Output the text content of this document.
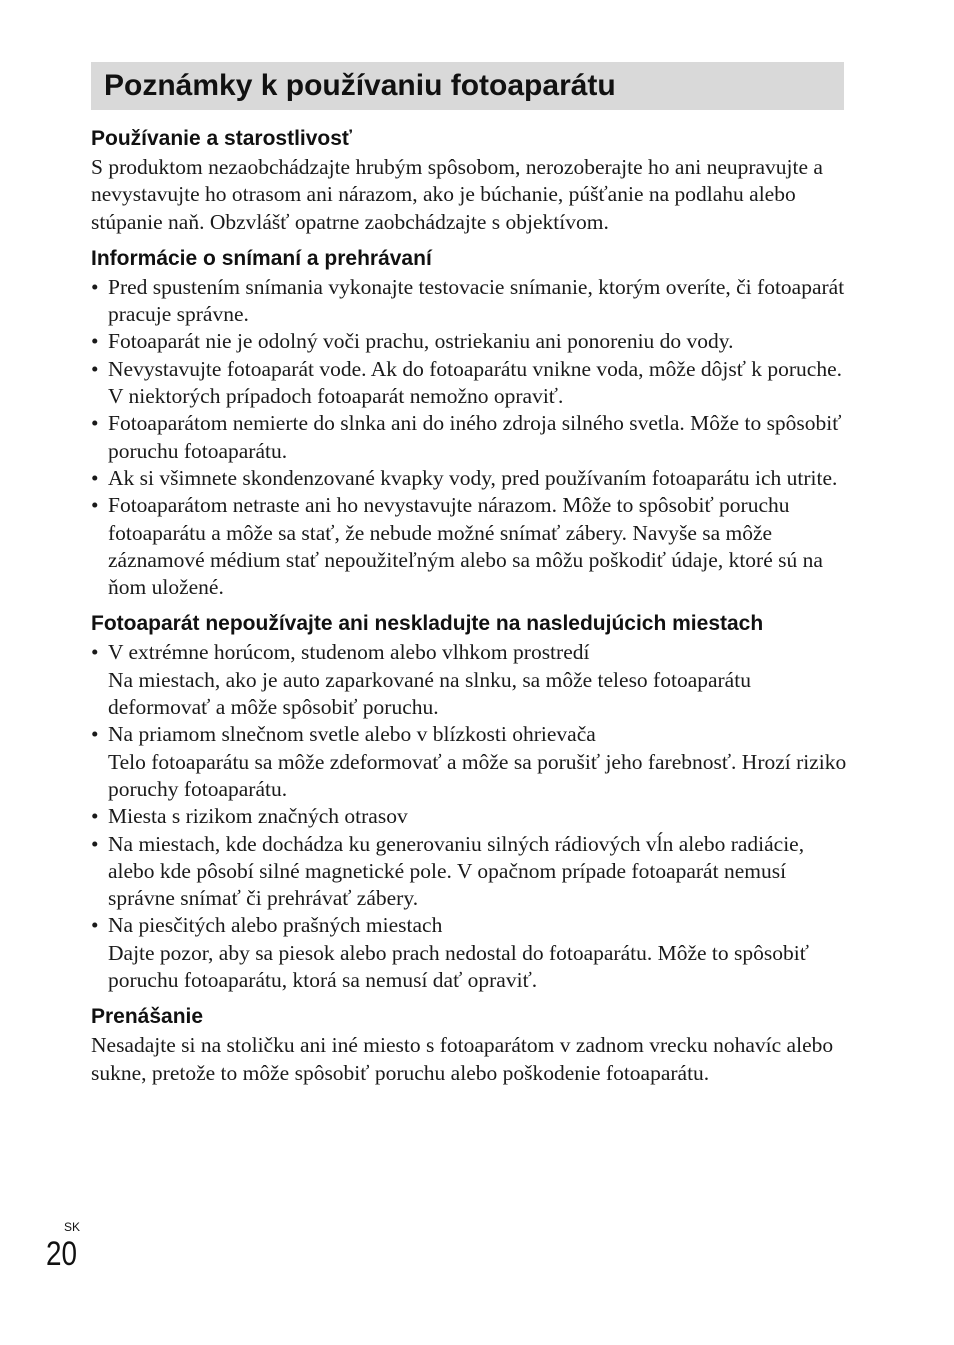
Poznámky k používaniu fotoaparátu
Používanie a starostlivosť

S produktom nezaobchádzajte hrubým spôsobom, nerozoberajte ho ani neupravujte a nevystavujte ho otrasom ani nárazom, ako je búchanie, púšťanie na podlahu alebo stúpanie naň. Obzvlášť opatrne zaobchádzajte s objektívom.

Informácie o snímaní a prehrávaní
• Pred spustením snímania vykonajte testovacie snímanie, ktorým overíte, či fotoaparát pracuje správne.
• Fotoaparát nie je odolný voči prachu, ostriekaniu ani ponoreniu do vody.
• Nevystavujte fotoaparát vode. Ak do fotoaparátu vnikne voda, môže dôjsť k poruche. V niektorých prípadoch fotoaparát nemožno opraviť.
• Fotoaparátom nemierte do slnka ani do iného zdroja silného svetla. Môže to spôsobiť poruchu fotoaparátu.
• Ak si všimnete skondenzované kvapky vody, pred používaním fotoaparátu ich utrite.
• Fotoaparátom netraste ani ho nevystavujte nárazom. Môže to spôsobiť poruchu fotoaparátu a môže sa stať, že nebude možné snímať zábery. Navyše sa môže záznamové médium stať nepoužiteľným alebo sa môžu poškodiť údaje, ktoré sú na ňom uložené.
Fotoaparát nepoužívajte ani neskladujte na nasledujúcich miestach
• V extrémne horúcom, studenom alebo vlhkom prostredí
Na miestach, ako je auto zaparkované na slnku, sa môže teleso fotoaparátu deformovať a môže spôsobiť poruchu.
• Na priamom slnečnom svetle alebo v blízkosti ohrievača
Telo fotoaparátu sa môže zdeformovať a môže sa porušiť jeho farebnosť. Hrozí riziko poruchy fotoaparátu.
• Miesta s rizikom značných otrasov
• Na miestach, kde dochádza ku generovaniu silných rádiových vĺn alebo radiácie, alebo kde pôsobí silné magnetické pole. V opačnom prípade fotoaparát nemusí správne snímať či prehrávať zábery.
• Na piesčitých alebo prašných miestach
Dajte pozor, aby sa piesok alebo prach nedostal do fotoaparátu. Môže to spôsobiť poruchu fotoaparátu, ktorá sa nemusí dať opraviť.
Prenášanie

Nesadajte si na stoličku ani iné miesto s fotoaparátom v zadnom vrecku nohavíc alebo sukne, pretože to môže spôsobiť poruchu alebo poškodenie fotoaparátu.

SK
20
